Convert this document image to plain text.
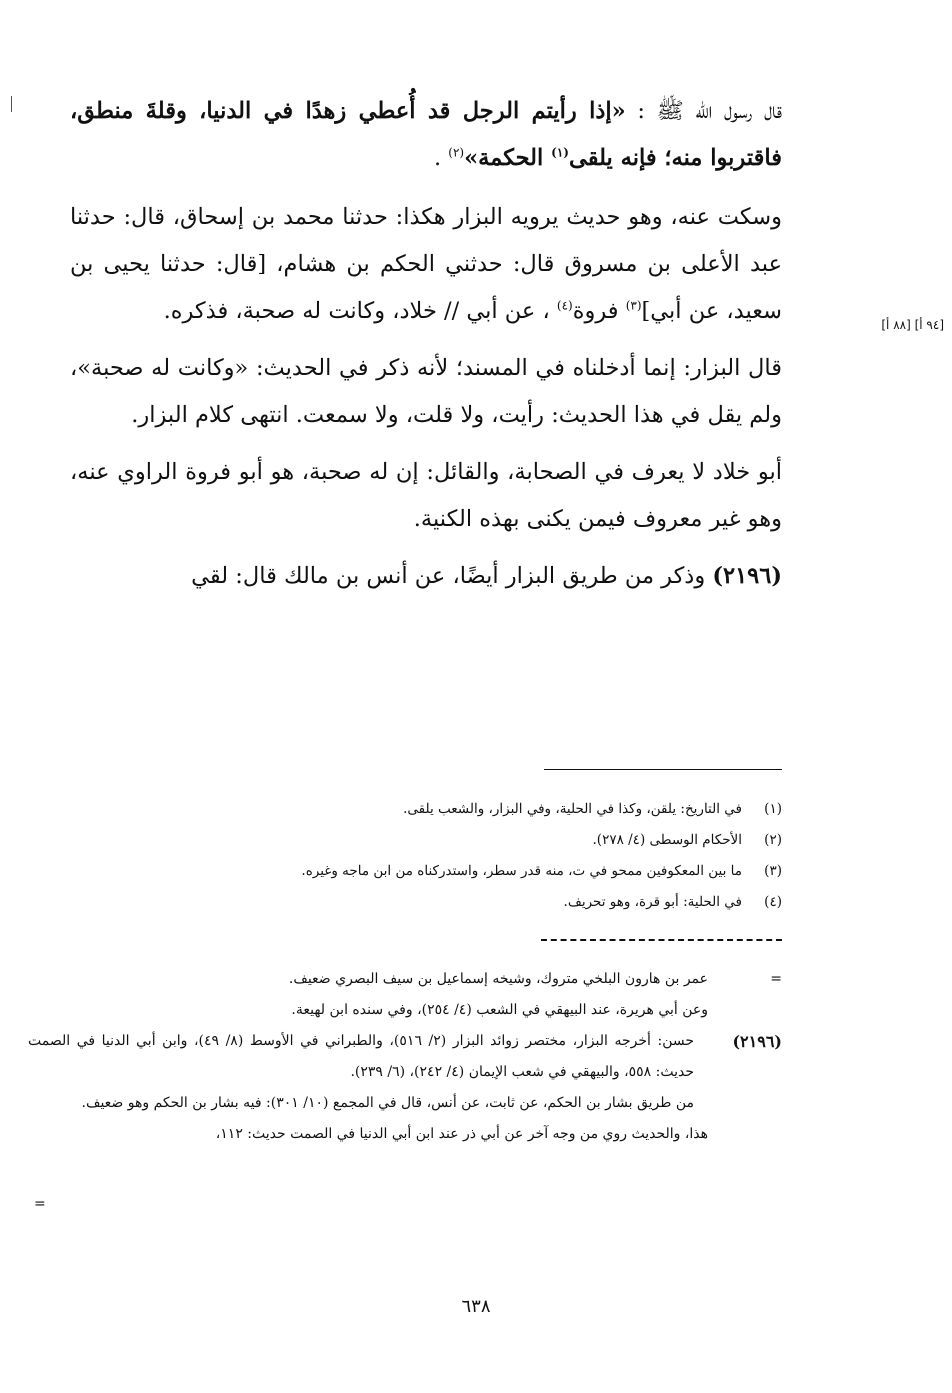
قال رسول الله ﷺ : «إذا رأيتم الرجل قد أُعطي زهدًا في الدنيا، وقلةَ منطق، فاقتربوا منه؛ فإنه يلقى$^{(١)}$ الحكمة»$^{(٢)}$ .

وسكت عنه، وهو حديث يرويه البزار هكذا: حدثنا محمد بن إسحاق، قال: حدثنا عبد الأعلى بن مسروق قال: حدثني الحكم بن هشام، [قال: حدثنا يحيى بن سعيد، عن أبي]$^{(٣)}$ فروة$^{(٤)}$ ، عن أبي // خلاد، وكانت له صحبة، فذكره.

قال البزار: إنما أدخلناه في المسند؛ لأنه ذكر في الحديث: «وكانت له صحبة»، ولم يقل في هذا الحديث: رأيت، ولا قلت، ولا سمعت. انتهى كلام البزار.

أبو خلاد لا يعرف في الصحابة، والقائل: إن له صحبة، هو أبو فروة الراوي عنه، وهو غير معروف فيمن يكنى بهذه الكنية.

(٢١٩٦) وذكر من طريق البزار أيضًا، عن أنس بن مالك قال: لقي

[٩٤ أ] [٨٨ أ]
(١)
في التاريخ: يلقن، وكذا في الحلية، وفي البزار، والشعب يلقى.
(٢)
الأحكام الوسطى (٤/ ٢٧٨).
(٣)
ما بين المعكوفين ممحو في ت، منه قدر سطر، واستدركناه من ابن ماجه وغيره.
(٤)
في الحلية: أبو قرة، وهو تحريف.
=
عمر بن هارون البلخي متروك، وشيخه إسماعيل بن سيف البصري ضعيف.
وعن أبي هريرة، عند البيهقي في الشعب (٤/ ٢٥٤)، وفي سنده ابن لهيعة.
(٢١٩٦)
حسن: أخرجه البزار، مختصر زوائد البزار (٢/ ٥١٦)، والطبراني في الأوسط (٨/ ٤٩)، وابن أبي الدنيا في الصمت حديث: ٥٥٨، والبيهقي في شعب الإيمان (٤/ ٢٤٢)، (٦/ ٢٣٩).
من طريق بشار بن الحكم، عن ثابت، عن أنس، قال في المجمع (١٠/ ٣٠١): فيه بشار بن الحكم وهو ضعيف.
هذا، والحديث روي من وجه آخر عن أبي ذر عند ابن أبي الدنيا في الصمت حديث: ١١٢،
=
٦٣٨
